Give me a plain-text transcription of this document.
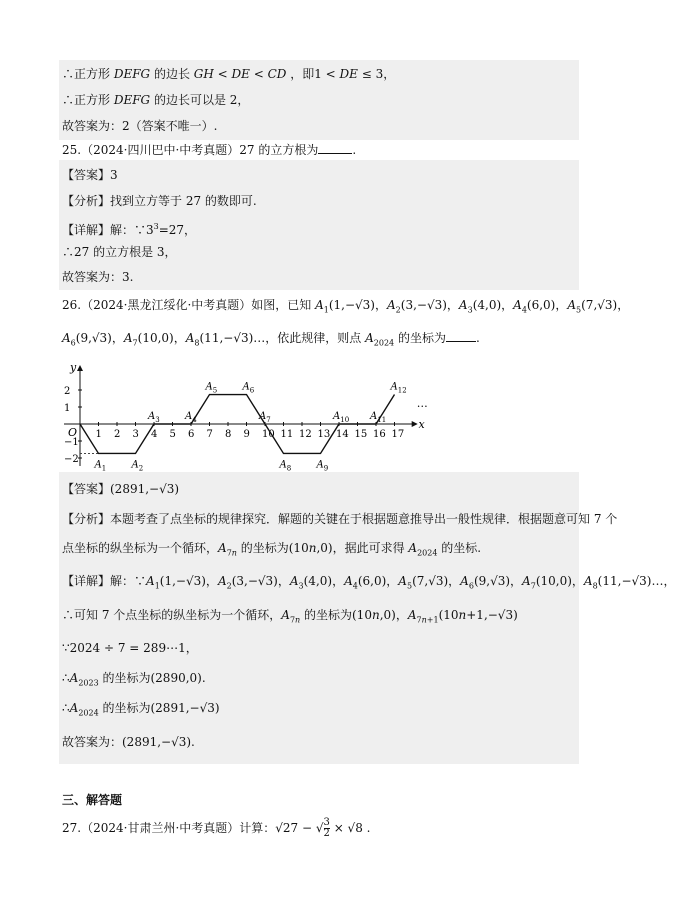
∴正方形 DEFG 的边长 GH < DE < CD ，即1 < DE ≤ 3，
∴正方形 DEFG 的边长可以是 2，
故答案为：2（答案不唯一）.
25.（2024·四川巴中·中考真题）27 的立方根为	.
【答案】3
【分析】找到立方等于 27 的数即可.
【详解】解：$\because 3^3=27$，
∴27 的立方根是 3，
故答案为：3.
26.（2024·黑龙江绥化·中考真题）如图，已知 $A_1(1,-√3)$，$A_2(3,-√3)$，$A_3(4,0)$，$A_4(6,0)$，$A_5(7,√3)$，
$A_6(9,√3)$，$A_7(10,0)$，$A_8(11,-√3)\dots$，依此规律，则点 $A_{2024}$ 的坐标为	.
1 2 3 4 5 6 7 8 9 10 11 12 13 14 15 16 17
2
1
−1
−2
x
y
O
$A_1$	$A_2$
$A_3$	$A_4$
$A_5$	$A_6$
$A_7$
$A_8$	$A_9$
$A_{10}$ $A_{11}$
$A_{12}$
…
【答案】(2891,−√3)
【分析】本题考查了点坐标的规律探究．解题的关键在于根据题意推导出一般性规律．根据题意可知 7 个
点坐标的纵坐标为一个循环，$A_{7n}$ 的坐标为(10n,0)，据此可求得 $A_{2024}$ 的坐标.
【详解】解：$\because A_1(1,-√3)$，$A_2(3,-√3)$，$A_3(4,0)$，$A_4(6,0)$，$A_5(7,√3)$，$A_6(9,√3)$，$A_7(10,0)$，$A_8(11,-√3)\dots$，
∴可知 7 个点坐标的纵坐标为一个循环，$A_{7n}$ 的坐标为(10n,0)，$A_{7n+1}(10n+1,-√3)$
∵2024 ÷ 7 = 289⋯1，
$\therefore A_{2023}$ 的坐标为(2890,0).
$\therefore A_{2024}$ 的坐标为(2891,−√3)
故答案为：(2891,−√3).
三、解答题
27.（2024·甘肃兰州·中考真题）计算：√27 − √ $\frac{3}{2} \times √8$ .
